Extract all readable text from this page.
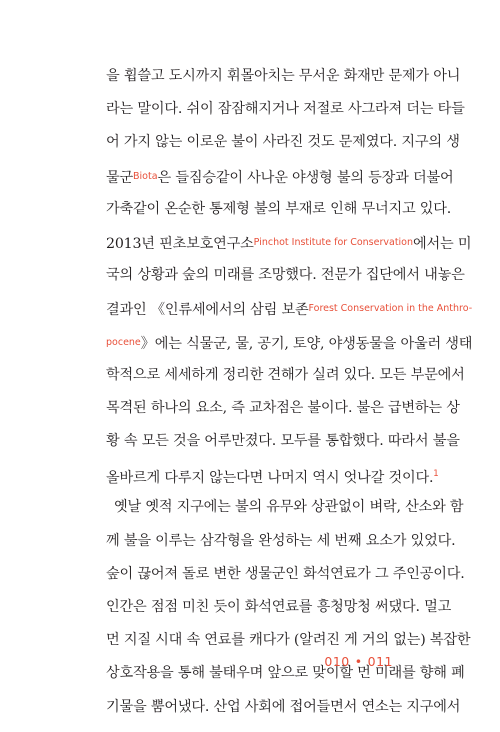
을 휩쓸고 도시까지 휘몰아치는 무서운 화재만 문제가 아니
라는 말이다. 쉬이 잠잠해지거나 저절로 사그라져 더는 타들
어 가지 않는 이로운 불이 사라진 것도 문제였다. 지구의 생
물군$^{Biota}$은 들짐승같이 사나운 야생형 불의 등장과 더불어
가축같이 온순한 통제형 불의 부재로 인해 무너지고 있다.
2013년 핀초보호연구소$^{Pinchot Institute for Conservation}$에서는 미
국의 상황과 숲의 미래를 조망했다. 전문가 집단에서 내놓은
결과인 《인류세에서의 삼림 보존$^{Forest Conservation in the Anthro-}$
$^{pocene}$》에는 식물군, 물, 공기, 토양, 야생동물을 아울러 생태
학적으로 세세하게 정리한 견해가 실려 있다. 모든 부문에서
목격된 하나의 요소, 즉 교차점은 불이다. 불은 급변하는 상
황 속 모든 것을 어루만졌다. 모두를 통합했다. 따라서 불을
올바르게 다루지 않는다면 나머지 역시 엇나갈 것이다.$^1$
옛날 옛적 지구에는 불의 유무와 상관없이 벼락, 산소와 함
께 불을 이루는 삼각형을 완성하는 세 번째 요소가 있었다.
숲이 끊어져 돌로 변한 생물군인 화석연료가 그 주인공이다.
인간은 점점 미친 듯이 화석연료를 흥청망청 써댔다. 멀고
먼 지질 시대 속 연료를 캐다가 (알려진 게 거의 없는) 복잡한
상호작용을 통해 불태우며 앞으로 맞이할 먼 미래를 향해 폐
기물을 뿜어냈다. 산업 사회에 접어들면서 연소는 지구에서
010 • 011
